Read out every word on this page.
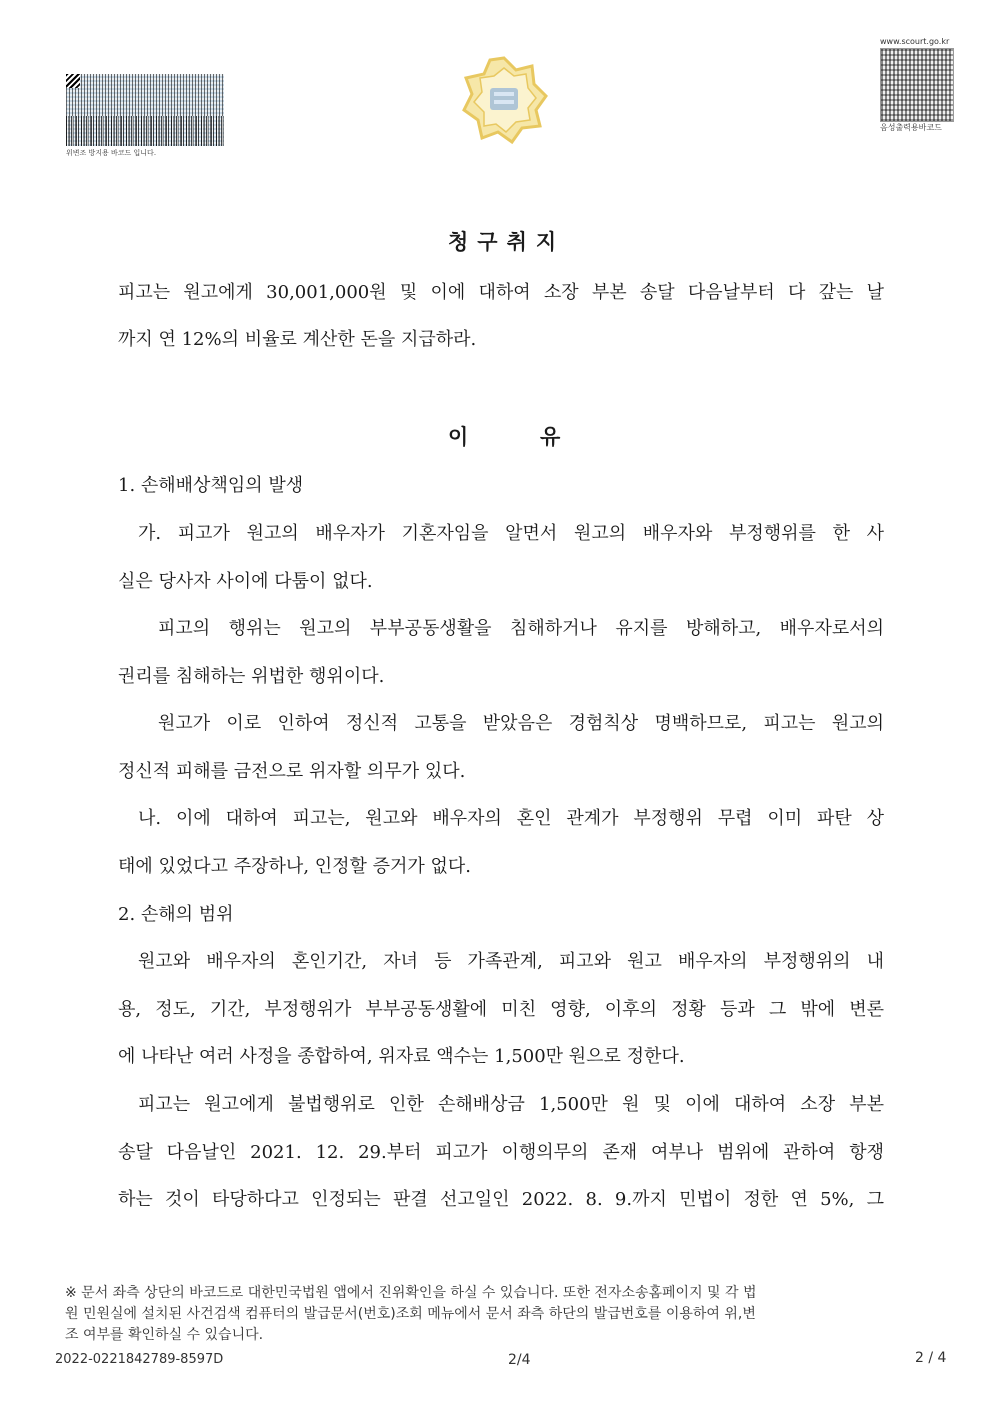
위변조 방지용 바코드 입니다.
www.scourt.go.kr
음성출력용바코드
청구취지
피고는 원고에게 30,001,000원 및 이에 대하여 소장 부본 송달 다음날부터 다 갚는 날
까지 연 12%의 비율로 계산한 돈을 지급하라.
이	유
1. 손해배상책임의 발생
가. 피고가 원고의 배우자가 기혼자임을 알면서 원고의 배우자와 부정행위를 한 사
실은 당사자 사이에 다툼이 없다.
피고의 행위는 원고의 부부공동생활을 침해하거나 유지를 방해하고, 배우자로서의
권리를 침해하는 위법한 행위이다.
원고가 이로 인하여 정신적 고통을 받았음은 경험칙상 명백하므로, 피고는 원고의
정신적 피해를 금전으로 위자할 의무가 있다.
나. 이에 대하여 피고는, 원고와 배우자의 혼인 관계가 부정행위 무렵 이미 파탄 상
태에 있었다고 주장하나, 인정할 증거가 없다.
2. 손해의 범위
원고와 배우자의 혼인기간, 자녀 등 가족관계, 피고와 원고 배우자의 부정행위의 내
용, 정도, 기간, 부정행위가 부부공동생활에 미친 영향, 이후의 정황 등과 그 밖에 변론
에 나타난 여러 사정을 종합하여, 위자료 액수는 1,500만 원으로 정한다.
피고는 원고에게 불법행위로 인한 손해배상금 1,500만 원 및 이에 대하여 소장 부본
송달 다음날인 2021. 12. 29.부터 피고가 이행의무의 존재 여부나 범위에 관하여 항쟁
하는 것이 타당하다고 인정되는 판결 선고일인 2022. 8. 9.까지 민법이 정한 연 5%, 그
※ 문서 좌측 상단의 바코드로 대한민국법원 앱에서 진위확인을 하실 수 있습니다. 또한 전자소송홈페이지 및 각 법
원 민원실에 설치된 사건검색 컴퓨터의 발급문서(번호)조회 메뉴에서 문서 좌측 하단의 발급번호를 이용하여 위,변
조 여부를 확인하실 수 있습니다.
2022-0221842789-8597D	2/4	2 / 4
